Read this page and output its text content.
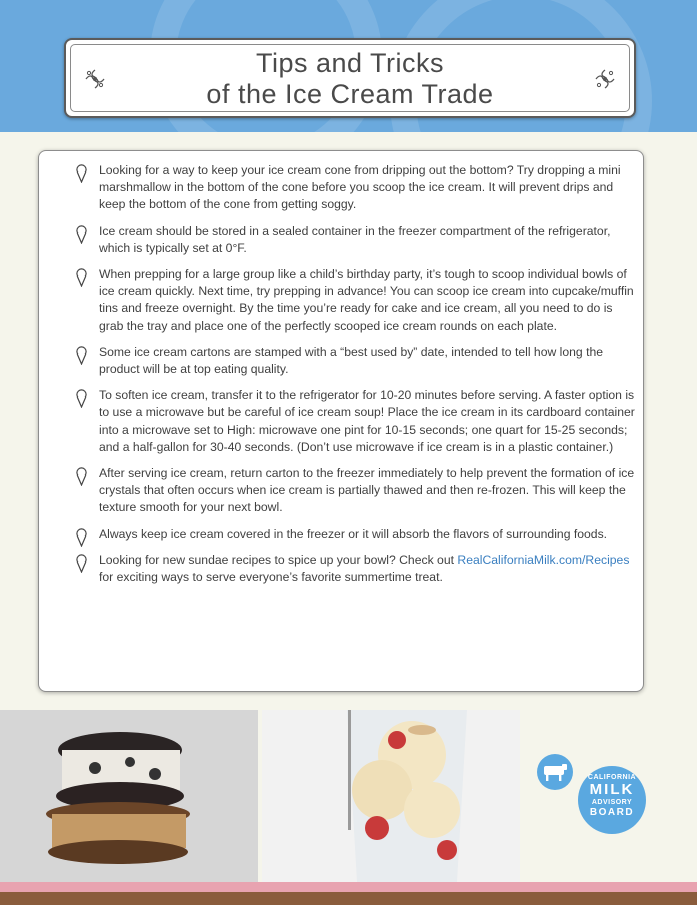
Tips and Tricks
of the Ice Cream Trade
Looking for a way to keep your ice cream cone from dripping out the bottom? Try dropping a mini marshmallow in the bottom of the cone before you scoop the ice cream. It will prevent drips and keep the bottom of the cone from getting soggy.
Ice cream should be stored in a sealed container in the freezer compartment of the refrigerator, which is typically set at 0°F.
When prepping for a large group like a child’s birthday party, it’s tough to scoop individual bowls of ice cream quickly. Next time, try prepping in advance! You can scoop ice cream into cupcake/muffin tins and freeze overnight. By the time you’re ready for cake and ice cream, all you need to do is grab the tray and place one of the perfectly scooped ice cream rounds on each plate.
Some ice cream cartons are stamped with a “best used by” date, intended to tell how long the product will be at top eating quality.
To soften ice cream, transfer it to the refrigerator for 10-20 minutes before serving. A faster option is to use a microwave but be careful of ice cream soup! Place the ice cream in its cardboard container into a microwave set to High: microwave one pint for 10-15 seconds; one quart for 15-25 seconds; and a half-gallon for 30-40 seconds. (Don’t use microwave if ice cream is in a plastic container.)
After serving ice cream, return carton to the freezer immediately to help prevent the formation of ice crystals that often occurs when ice cream is partially thawed and then re-frozen. This will keep the texture smooth for your next bowl.
Always keep ice cream covered in the freezer or it will absorb the flavors of surrounding foods.
Looking for new sundae recipes to spice up your bowl? Check out RealCaliforniaMilk.com/Recipes for exciting ways to serve everyone’s favorite summertime treat.
CALIFORNIA
MILK
ADVISORY
BOARD
